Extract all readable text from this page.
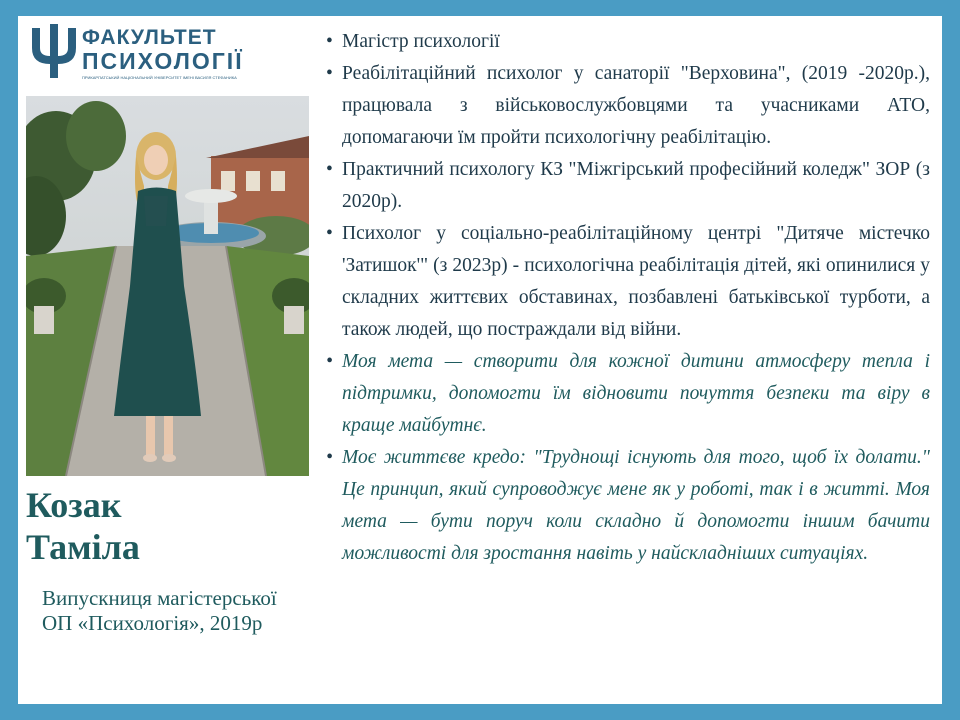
ФАКУЛЬТЕТ
ПСИХОЛОГІЇ
ПРИКАРПАТСЬКИЙ НАЦІОНАЛЬНИЙ УНІВЕРСИТЕТ ІМЕНІ ВАСИЛЯ СТЕФАНИКА
Козак
Таміла
Випускниця магістерської ОП «Психологія», 2019р
• Магістр психології
• Реабілітаційний психолог у санаторії "Верховина", (2019 -2020р.), працювала з військовослужбовцями та учасниками АТО, допомагаючи їм пройти психологічну реабілітацію.
• Практичний психологу КЗ "Міжгірський професійний коледж" ЗОР (з 2020р).
• Психолог у соціально-реабілітаційному центрі "Дитяче містечко 'Затишок'" (з 2023р) - психологічна реабілітація дітей, які опинилися у складних життєвих обставинах, позбавлені батьківської турботи, а також людей, що постраждали від війни.
• Моя мета — створити для кожної дитини атмосферу тепла і підтримки, допомогти їм відновити почуття безпеки та віру в краще майбутнє.
• Моє життєве кредо: "Труднощі існують для того, щоб їх долати." Це принцип, який супроводжує мене як у роботі, так і в житті. Моя мета — бути поруч коли складно й допомогти іншим бачити можливості для зростання навіть у найскладніших ситуаціях.
